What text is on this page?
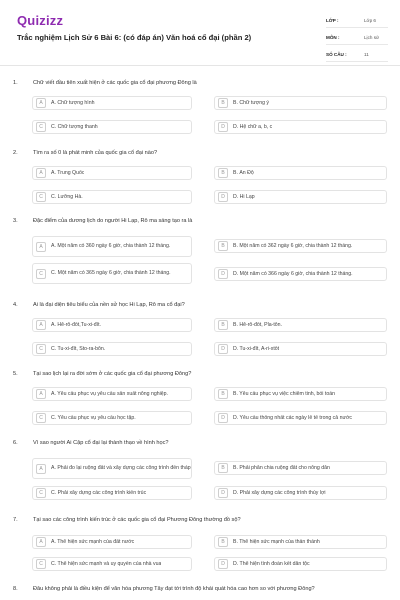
Quizizz
Trắc nghiệm Lịch Sử 6 Bài 6: (có đáp án) Văn hoá cổ đại (phần 2)
LỚP :	Lớp 6
MÔN :	Lịch sử
SỐ CÂU :	11
1.	Chữ viết đầu tiên xuất hiện ở các quốc gia cổ đại phương Đông là
A	A. Chữ tượng hình	B	B. Chữ tượng ý
C	C. Chữ tượng thanh	D	D. Hệ chữ a, b, c
2.	Tìm ra số 0 là phát minh của quốc gia cổ đại nào?
A	A. Trung Quốc	B	B. Ấn Độ
C	C. Lưỡng Hà.	D	D. Hi Lạp
3.	Đặc điểm của dương lịch do người Hi Lạp, Rô ma sáng tạo ra là
A	A. Một năm có 360 ngày 6 giờ, chia thành 12 tháng.	B	B. Một năm có 362 ngày 6 giờ, chia thành 12 tháng.
C	C. Một năm có 365 ngày 6 giờ, chia thành 12 tháng.	D	D. Một năm có 366 ngày 6 giờ, chia thành 12 tháng.
4.	Ai là đại diện tiêu biểu của nền sử học Hi Lạp, Rô ma cổ đại?
A	A. Hê-rô-đốt,Tu-xi-đít.	B	B. Hê-rô-đốt, Pla-tôn.
C	C. Tu-xi-đít, Sto-ra-bôn.	D	D. Tu-xi-đít, A-ri-xtốt
5.	Tại sao lịch lại ra đời sớm ở các quốc gia cổ đại phương Đông?
A	A. Yêu cầu phục vụ yêu cầu sản xuất nông nghiệp.	B	B. Yêu cầu phục vụ việc chiêm tinh, bói toán
C	C. Yêu cầu phục vụ yêu cầu học tập.	D	D. Yêu cầu thống nhất các ngày lễ tế trong cả nước
6.	Vì sao người Ai Cập cổ đại lại thành thạo về hình học?
A	A. Phải đo lại ruộng đất và xây dựng các công trình đền tháp	B	B. Phải phân chia ruộng đất cho nông dân
C	C. Phải xây dựng các công trình kiến trúc	D	D. Phải xây dựng các công trình thủy lợi
7.	Tại sao các công trình kiến trúc ở các quốc gia cổ đại Phương Đông thường đồ sộ?
A	A. Thể hiện sức mạnh của đất nước	B	B. Thể hiện sức mạnh của thần thánh
C	C. Thể hiện sức mạnh và uy quyền của nhà vua	D	D. Thể hiện tình đoàn kết dân tộc
8.	Đâu không phải là điều kiện để văn hóa phương Tây đạt tới trình độ khái quát hóa cao hơn so với phương Đông?
